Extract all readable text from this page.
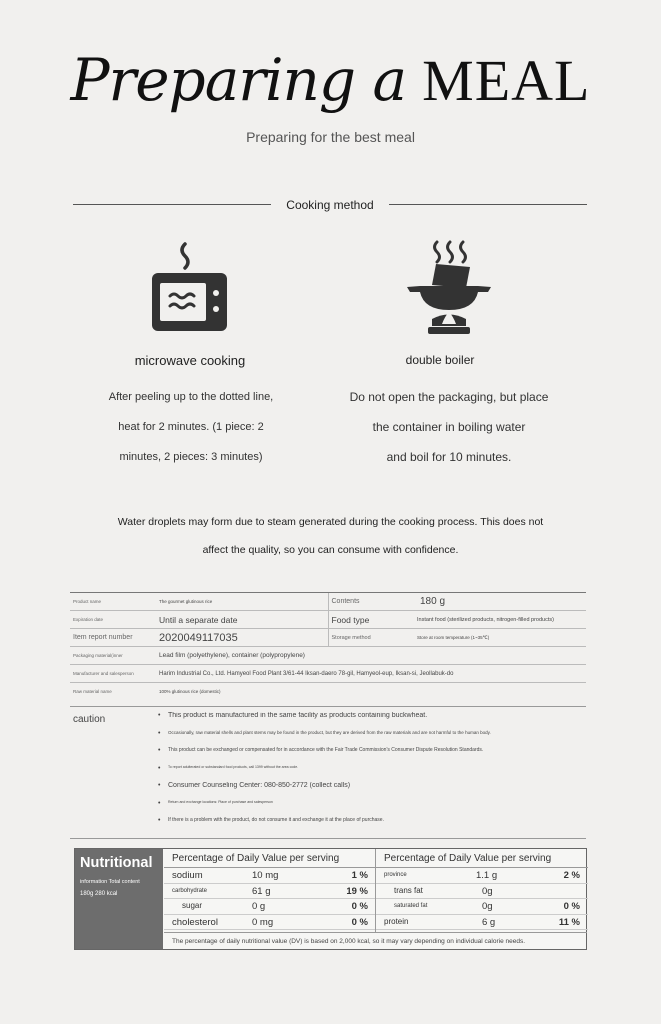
Preparing a MEAL
Preparing for the best meal
Cooking method
microwave cooking	double boiler
After peeling up to the dotted line,
heat for 2 minutes. (1 piece: 2
minutes, 2 pieces: 3 minutes)
Do not open the packaging, but place
the container in boiling water
and boil for 10 minutes.
Water droplets may form due to steam generated during the cooking process. This does not
affect the quality, so you can consume with confidence.
Product name	The gourmet glutinous rice	Contents	180 g
Expiration date	Until a separate date	Food type	Instant food (sterilized products, nitrogen-filled products)
Item report number	2020049117035	Storage method	Store at room temperature (1~35℃)
Packaging material(inner	Lead film (polyethylene), container (polypropylene)		
Manufacturer and salesperson	Harim Industrial Co., Ltd. Hamyeol Food Plant 3/61-44 Iksan-daero 78-gil, Hamyeol-eup, Iksan-si, Jeollabuk-do		
Raw material name	100% glutinous rice (domestic)		
caution	• This product is manufactured in the same facility as products containing buckwheat.
• Occasionally, raw material shells and plant stems may be found in the product, but they are derived from the raw materials and are not harmful to the human body.
• This product can be exchanged or compensated for in accordance with the Fair Trade Commission's Consumer Dispute Resolution Standards.
• To report adulterated or substandard food products, call 1399 without the area code.
• Consumer Counseling Center: 080-850-2772 (collect calls)
• Return and exchange locations: Place of purchase and salesperson
• If there is a problem with the product, do not consume it and exchange it at the place of purchase.
Nutritional
information Total content
180g 280 kcal
Percentage of Daily Value per serving
sodium	10 mg	1 %
carbohydrate	61 g	19 %
sugar	0 g	0 %
cholesterol	0 mg	0 %
Percentage of Daily Value per serving
province	1.1 g	2 %
trans fat	0g
saturated fat	0g	0 %
protein	6 g	11 %
The percentage of daily nutritional value (DV) is based on 2,000 kcal, so it may vary depending on individual calorie needs.
